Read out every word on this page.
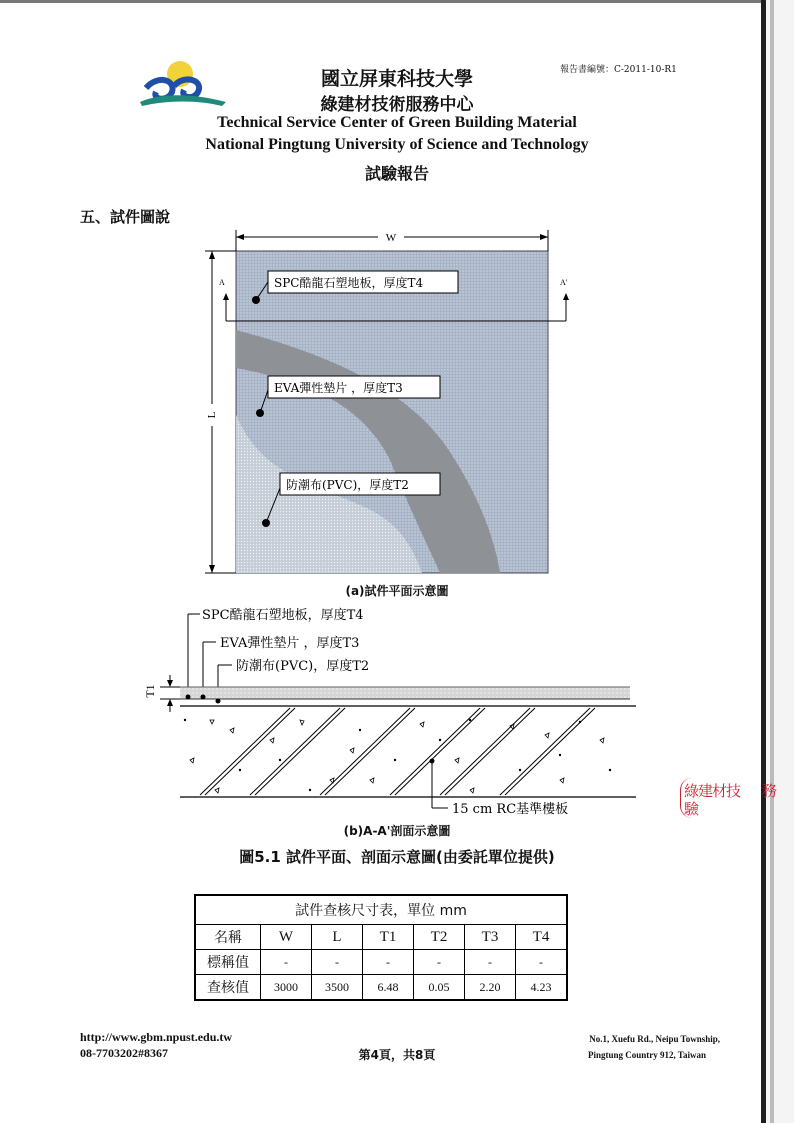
報告書編號：C-2011-10-R1
國立屏東科技大學
綠建材技術服務中心
Technical Service Center of Green Building Material
National Pingtung University of Science and Technology
試驗報告
五、試件圖說
W
L
A	A'
SPC酷龍石塑地板，厚度T4
EVA彈性墊片 ，厚度T3
防潮布(PVC)，厚度T2
SPC酷龍石塑地板，厚度T4
EVA彈性墊片 ，厚度T3
防潮布(PVC)，厚度T2
T1
15 cm RC基準樓板
(a)試件平面示意圖
(b)A-A'剖面示意圖
圖5.1 試件平面、剖面示意圖(由委託單位提供)
綠建材技
驗
務
試件查核尺寸表，單位 mm						
名稱	W	L	T1	T2	T3	T4
標稱值	-	-	-	-	-	-
查核值	3000	3500	6.48	0.05	2.20	4.23
http://www.gbm.npust.edu.tw
08-7703202#8367	第4頁，共8頁
No.1, Xuefu Rd., Neipu Township,
Pingtung Country 912, Taiwan
